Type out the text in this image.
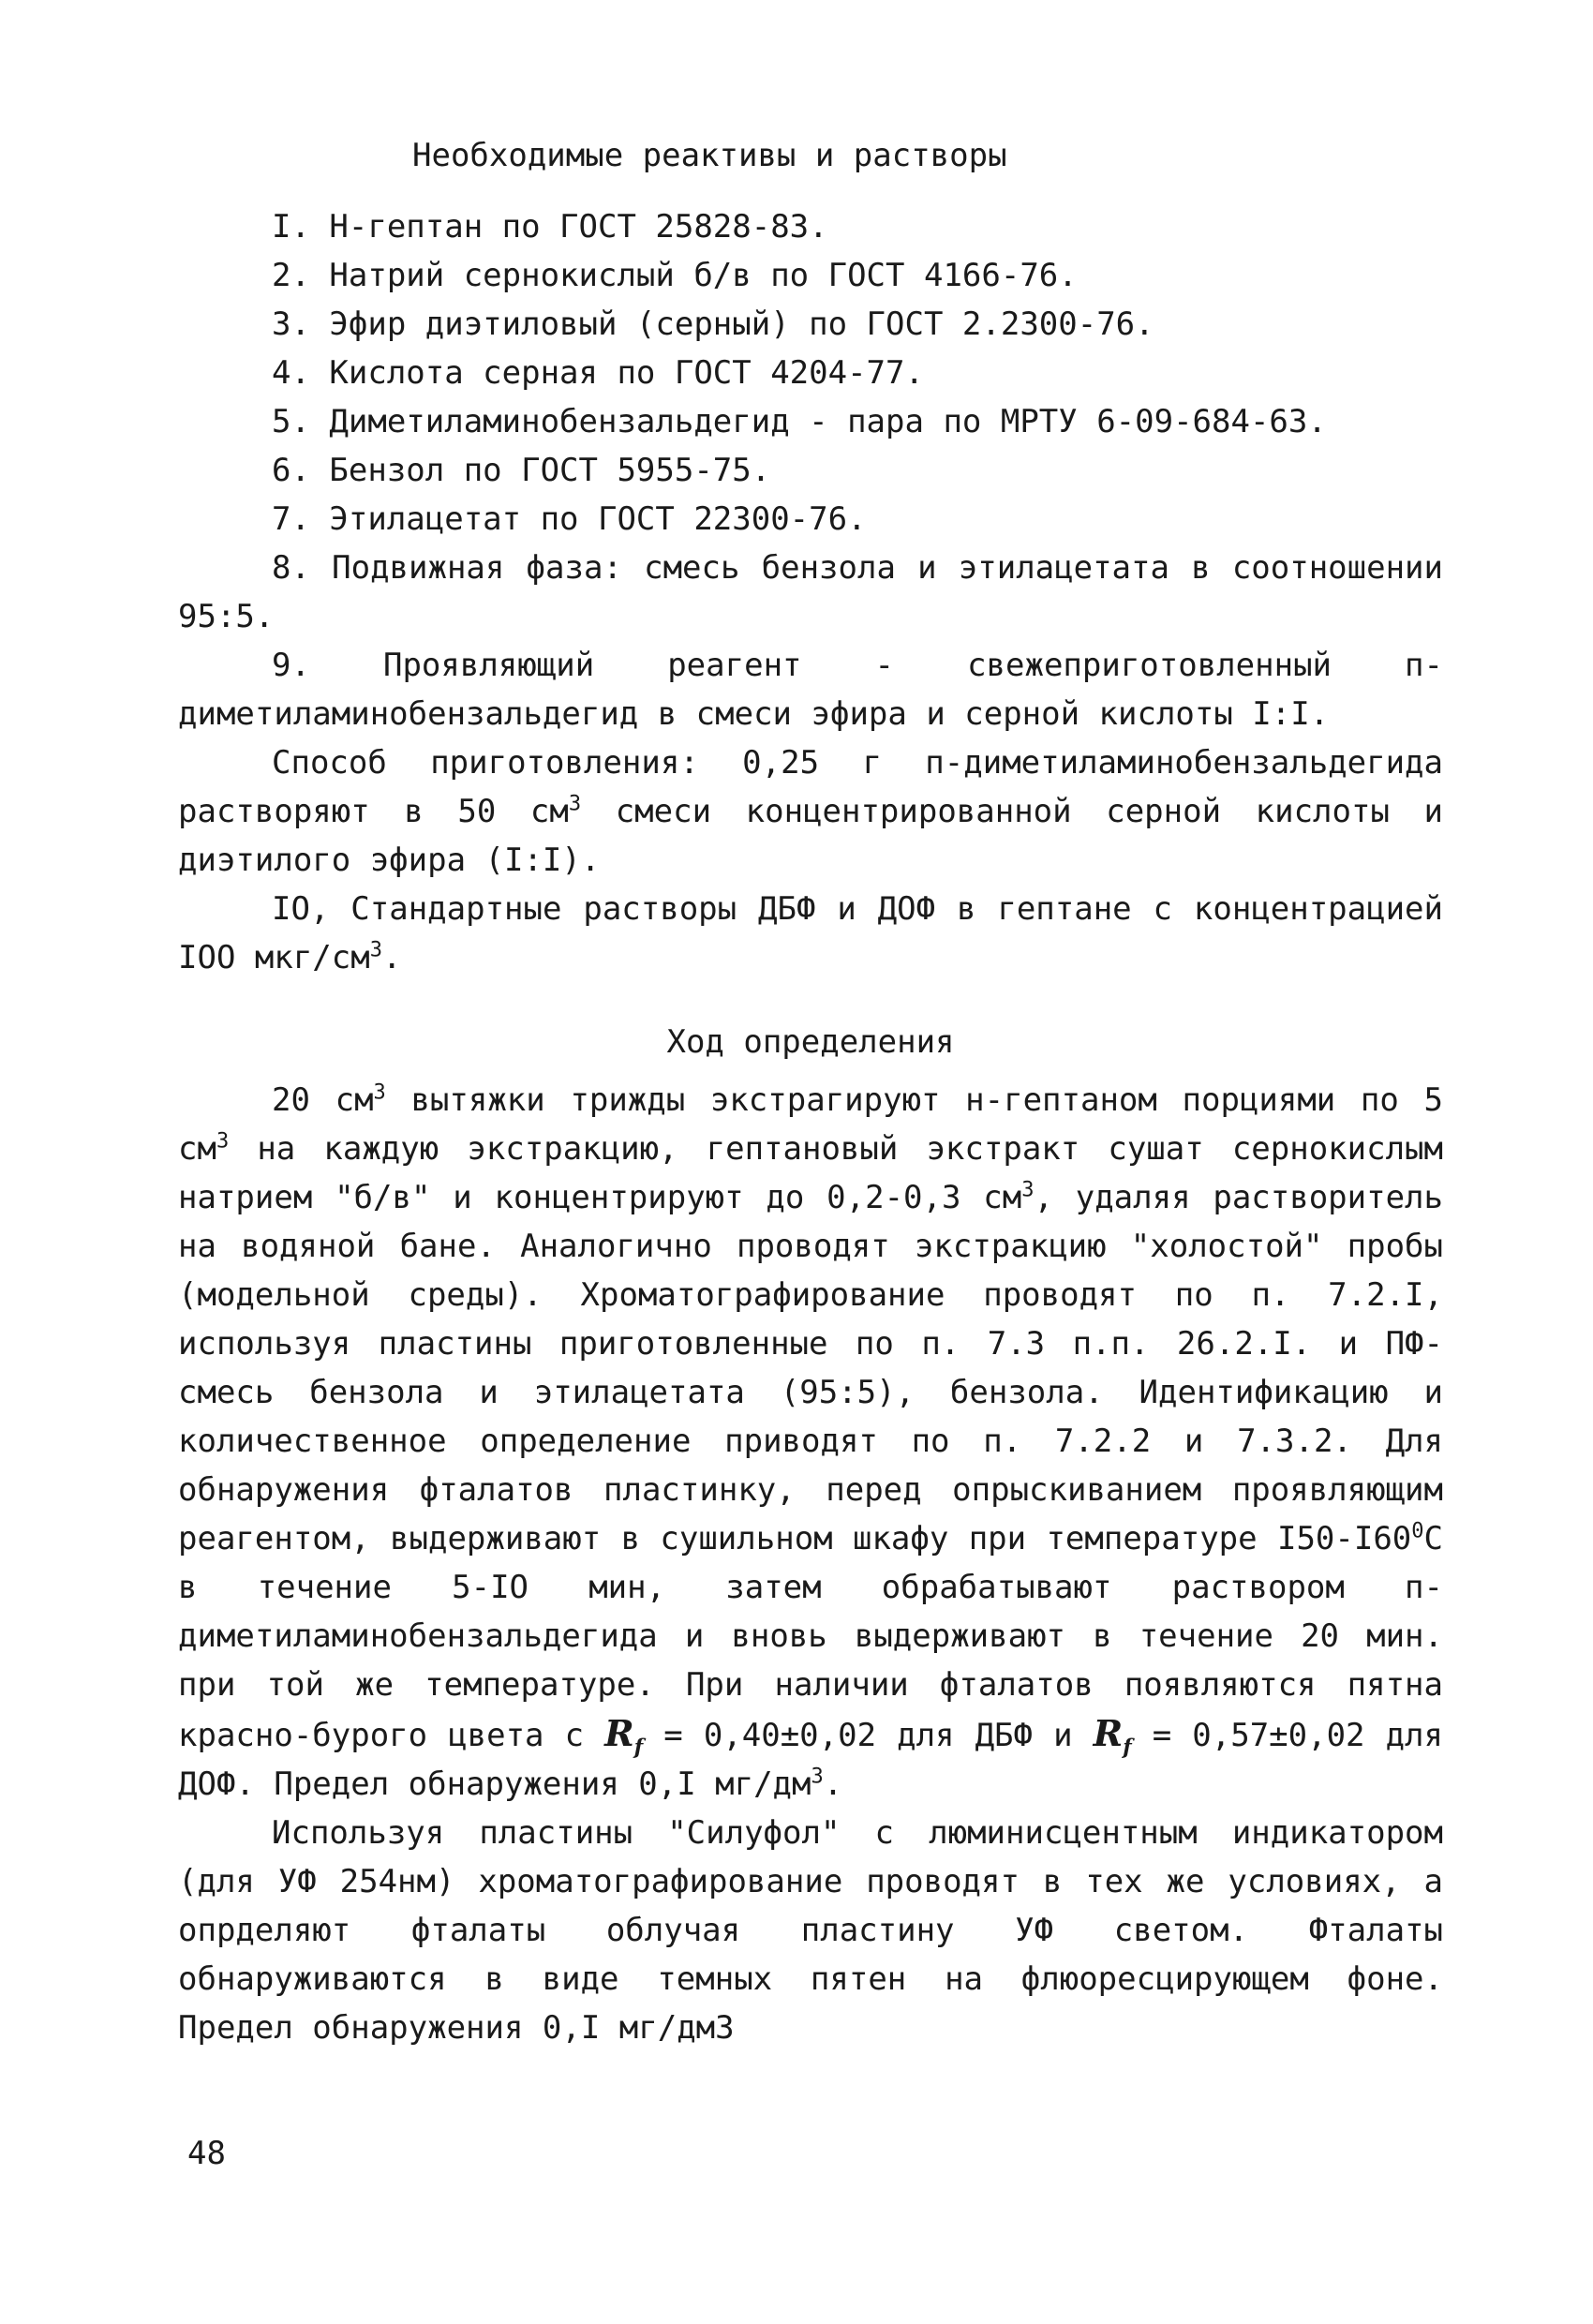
Необходимые реактивы и растворы

I. Н-гептан по ГОСТ 25828-83.

2. Натрий сернокислый б/в по ГОСТ 4166-76.

3. Эфир диэтиловый (серный) по ГОСТ 2.2300-76.

4. Кислота серная по ГОСТ 4204-77.

5. Диметиламинобензальдегид - пара по МРТУ 6-09-684-63.

6. Бензол по ГОСТ 5955-75.

7. Этилацетат по ГОСТ 22300-76.

8. Подвижная фаза: смесь бензола и этилацетата в соотношении 95:5.

9. Проявляющий реагент - свежеприготовленный п-диметиламинобензальдегид в смеси эфира и серной кислоты I:I.

Способ приготовления: 0,25 г п-диметиламинобензальдегида растворяют в 50 $см^3$ смеси концентрированной серной кислоты и диэтилого эфира (I:I).

IO, Стандартные растворы ДБФ и ДОФ в гептане с концентрацией IOO мкг/$см^3$.

Ход определения

20 $см^3$ вытяжки трижды экстрагируют н-гептаном порциями по 5 $см^3$ на каждую экстракцию, гептановый экстракт сушат сернокислым натрием "б/в" и концентрируют до 0,2-0,3 $см^3$, удаляя растворитель на водяной бане. Аналогично проводят экстракцию "холостой" пробы (модельной среды). Хроматографирование проводят по п. 7.2.I, используя пластины приготовленные по п. 7.3 п.п. 26.2.I. и ПФ-смесь бензола и этилацетата (95:5), бензола. Идентификацию и количественное определение приводят по п. 7.2.2 и 7.3.2. Для обнаружения фталатов пластинку, перед опрыскиванием проявляющим реагентом, выдерживают в сушильном шкафу при температуре $I50-I60^0С$ в течение 5-IO мин, затем обрабатывают раствором п-диметиламинобензальдегида и вновь выдерживают в течение 20 мин. при той же температуре. При наличии фталатов появляются пятна красно-бурого цвета с $R_f = 0,40\pm 0,02$ для ДБФ и $R_f = 0,57\pm 0,02$ для ДОФ. Предел обнаружения 0,I $мг/дм^3$.

Используя пластины "Силуфол" с люминисцентным индикатором (для УФ 254нм) хроматографирование проводят в тех же условиях, а опрделяют фталаты облучая пластину УФ светом. Фталаты обнаруживаются в виде темных пятен на флюоресцирующем фоне. Предел обнаружения 0,I мг/дм3

48
